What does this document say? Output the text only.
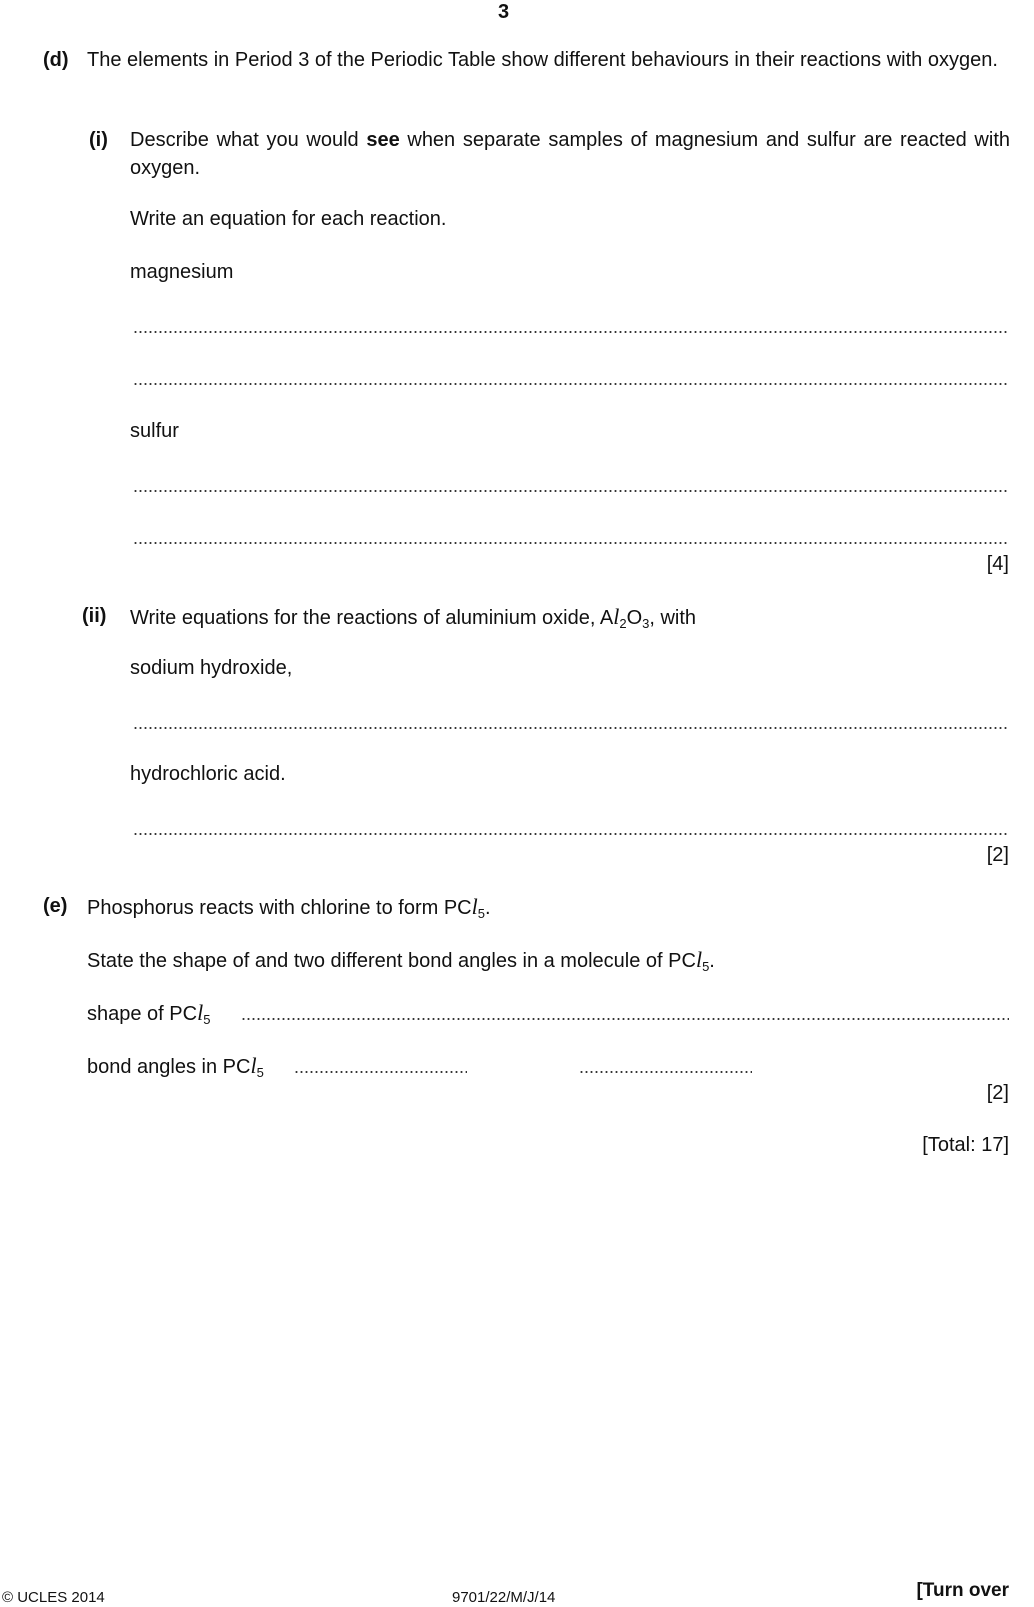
3
(d) The elements in Period 3 of the Periodic Table show different behaviours in their reactions with oxygen.
(i) Describe what you would see when separate samples of magnesium and sulfur are reacted with oxygen.
Write an equation for each reaction.
magnesium
sulfur
[4]
(ii) Write equations for the reactions of aluminium oxide, $Al_2O_3$, with
sodium hydroxide,
hydrochloric acid.
[2]
(e) Phosphorus reacts with chlorine to form PCl$_5$.
State the shape of and two different bond angles in a molecule of PCl$_5$.
shape of PCl$_5$
bond angles in PCl$_5$
[2]
[Total: 17]
© UCLES 2014	9701/22/M/J/14	[Turn over
